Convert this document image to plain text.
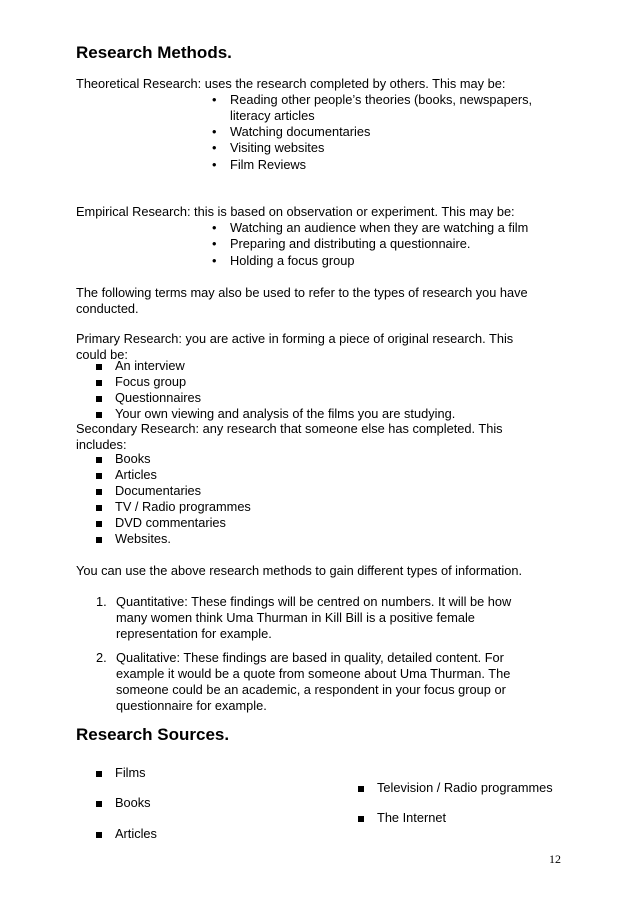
Research Methods.
Theoretical Research: uses the research completed by others. This may be:
• Reading other people’s theories (books, newspapers, literacy articles
• Watching documentaries
• Visiting websites
• Film Reviews
Empirical Research: this is based on observation or experiment. This may be:
• Watching an audience when they are watching a film
• Preparing and distributing a questionnaire.
• Holding a focus group
The following terms may also be used to refer to the types of research you have conducted.
Primary Research: you are active in forming a piece of original research. This could be:
An interview
Focus group
Questionnaires
Your own viewing and analysis of the films you are studying.
Secondary Research: any research that someone else has completed. This includes:
Books
Articles
Documentaries
TV / Radio programmes
DVD commentaries
Websites.
You can use the above research methods to gain different types of information.
1. Quantitative: These findings will be centred on numbers. It will be how many women think Uma Thurman in Kill Bill is a positive female representation for example.
2. Qualitative: These findings are based in quality, detailed content. For example it would be a quote from someone about Uma Thurman. The someone could be an academic, a respondent in your focus group or questionnaire for example.
Research Sources.
Films
Books
Articles
Television / Radio programmes
The Internet
12
